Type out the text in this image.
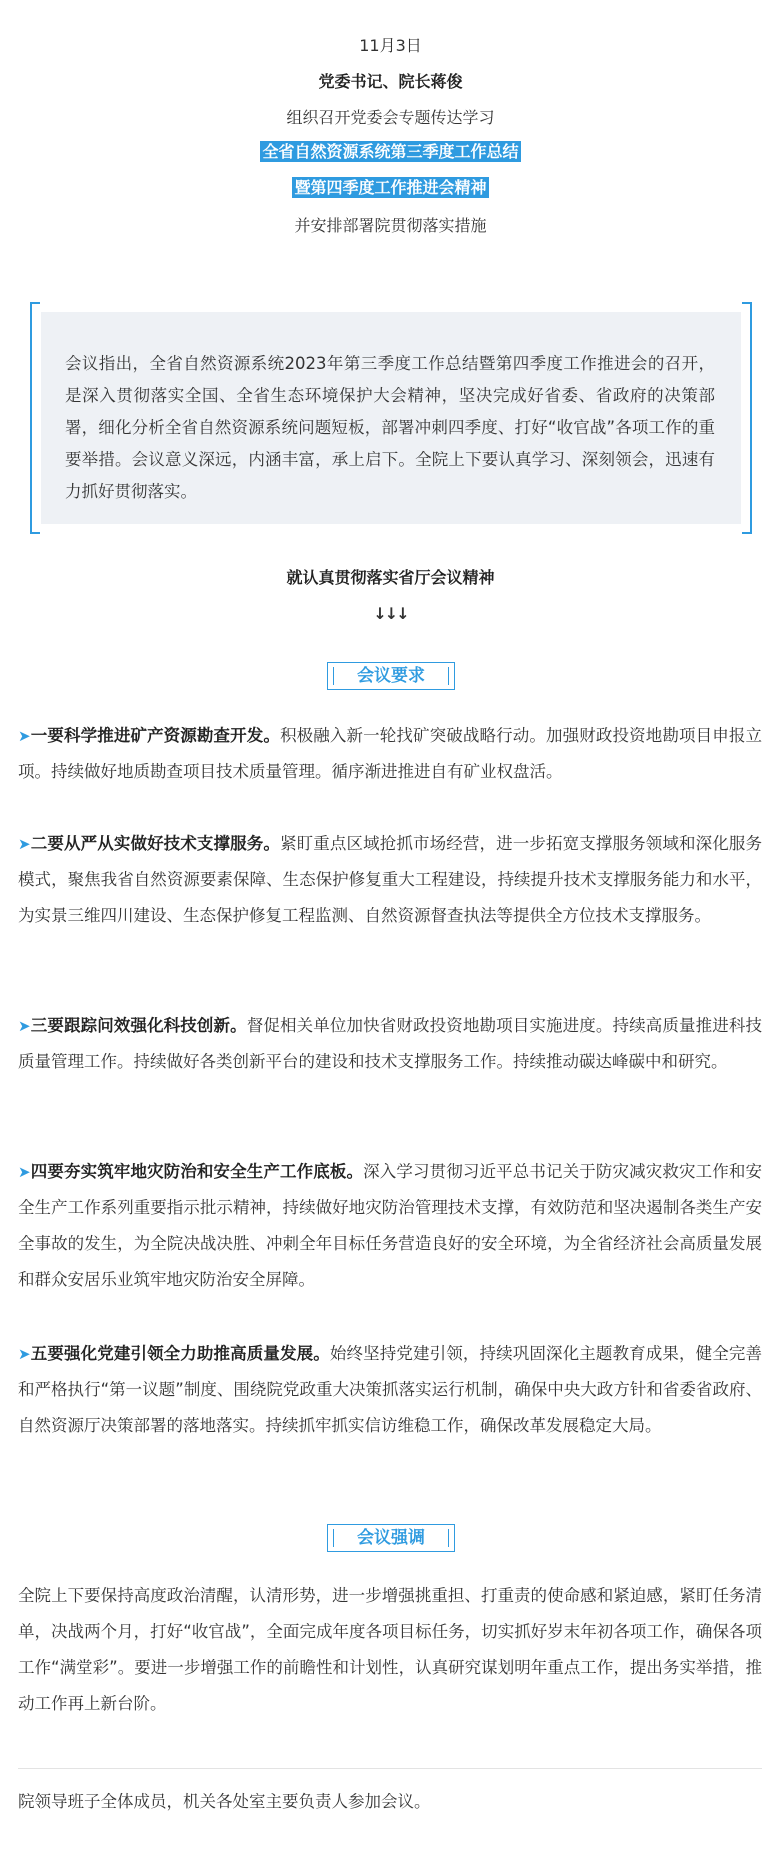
11月3日

党委书记、院长蒋俊

组织召开党委会专题传达学习

全省自然资源系统第三季度工作总结
暨第四季度工作推进会精神

并安排部署院贯彻落实措施

会议指出，全省自然资源系统2023年第三季度工作总结暨第四季度工作推进会的召开，是深入贯彻落实全国、全省生态环境保护大会精神，坚决完成好省委、省政府的决策部署，细化分析全省自然资源系统问题短板，部署冲刺四季度、打好“收官战”各项工作的重要举措。会议意义深远，内涵丰富，承上启下。全院上下要认真学习、深刻领会，迅速有力抓好贯彻落实。

就认真贯彻落实省厅会议精神

↓↓↓

会议要求
➤一要科学推进矿产资源勘查开发。积极融入新一轮找矿突破战略行动。加强财政投资地勘项目申报立项。持续做好地质勘查项目技术质量管理。循序渐进推进自有矿业权盘活。
➤二要从严从实做好技术支撑服务。紧盯重点区域抢抓市场经营，进一步拓宽支撑服务领域和深化服务模式，聚焦我省自然资源要素保障、生态保护修复重大工程建设，持续提升技术支撑服务能力和水平，为实景三维四川建设、生态保护修复工程监测、自然资源督查执法等提供全方位技术支撑服务。
➤三要跟踪问效强化科技创新。督促相关单位加快省财政投资地勘项目实施进度。持续高质量推进科技质量管理工作。持续做好各类创新平台的建设和技术支撑服务工作。持续推动碳达峰碳中和研究。
➤四要夯实筑牢地灾防治和安全生产工作底板。深入学习贯彻习近平总书记关于防灾减灾救灾工作和安全生产工作系列重要指示批示精神，持续做好地灾防治管理技术支撑，有效防范和坚决遏制各类生产安全事故的发生，为全院决战决胜、冲刺全年目标任务营造良好的安全环境，为全省经济社会高质量发展和群众安居乐业筑牢地灾防治安全屏障。
➤五要强化党建引领全力助推高质量发展。始终坚持党建引领，持续巩固深化主题教育成果，健全完善和严格执行“第一议题”制度、围绕院党政重大决策抓落实运行机制，确保中央大政方针和省委省政府、自然资源厅决策部署的落地落实。持续抓牢抓实信访维稳工作，确保改革发展稳定大局。
会议强调
全院上下要保持高度政治清醒，认清形势，进一步增强挑重担、打重责的使命感和紧迫感，紧盯任务清单，决战两个月，打好“收官战”，全面完成年度各项目标任务，切实抓好岁末年初各项工作，确保各项工作“满堂彩”。要进一步增强工作的前瞻性和计划性，认真研究谋划明年重点工作，提出务实举措，推动工作再上新台阶。
院领导班子全体成员，机关各处室主要负责人参加会议。
